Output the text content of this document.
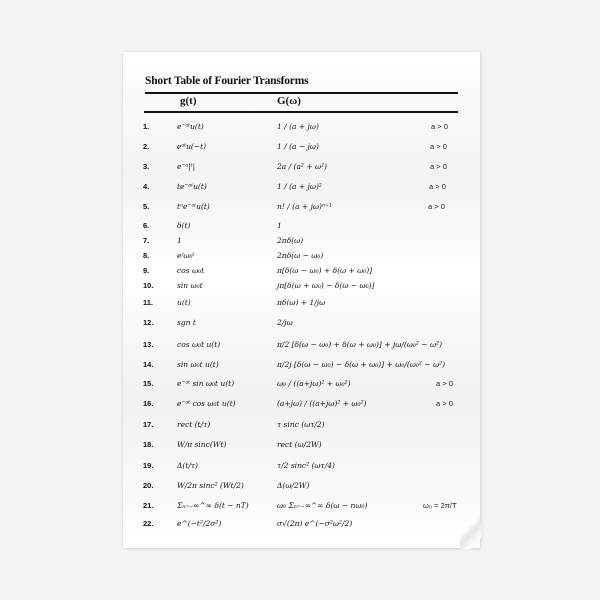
Short Table of Fourier Transforms
g(t)	G(ω)
1.	e⁻ᵃᵗu(t)	1 / (a + jω)	a > 0
2.	eᵃᵗu(−t)	1 / (a − jω)	a > 0
3.	e⁻ᵃ|ᵗ|	2a / (a² + ω²)	a > 0
4.	te⁻ᵃᵗu(t)	1 / (a + jω)²	a > 0
5.	tⁿe⁻ᵃᵗu(t)	n! / (a + jω)ⁿ⁺¹	a > 0
6.	δ(t)	1
7.	1	2πδ(ω)
8.	eʲω₀ᵗ	2πδ(ω − ω₀)
9.	cos ω₀t	π[δ(ω − ω₀) + δ(ω + ω₀)]
10.	sin ω₀t	jπ[δ(ω + ω₀) − δ(ω − ω₀)]
11.	u(t)	πδ(ω) + 1/jω
12.	sgn t	2/jω
13.	cos ω₀t u(t)	π/2 [δ(ω − ω₀) + δ(ω + ω₀)] + jω/(ω₀² − ω²)
14.	sin ω₀t u(t)	π/2j [δ(ω − ω₀) − δ(ω + ω₀)] + ω₀/(ω₀² − ω²)
15.	e⁻ᵃᵗ sin ω₀t u(t)	ω₀ / ((a+jω)² + ω₀²)	a > 0
16.	e⁻ᵃᵗ cos ω₀t u(t)	(a+jω) / ((a+jω)² + ω₀²)	a > 0
17.	rect (t/τ)	τ sinc (ωτ/2)
18.	W/π sinc(Wt)	rect (ω/2W)
19.	Δ(t/τ)	τ/2 sinc² (ωτ/4)
20.	W/2π sinc² (Wt/2)	Δ(ω/2W)
21.	Σₙ₌₋∞^∞ δ(t − nT)	ω₀ Σₙ₌₋∞^∞ δ(ω − nω₀)	ω₀ = 2π/T
22.	e^(−t²/2σ²)	σ√(2π) e^(−σ²ω²/2)
